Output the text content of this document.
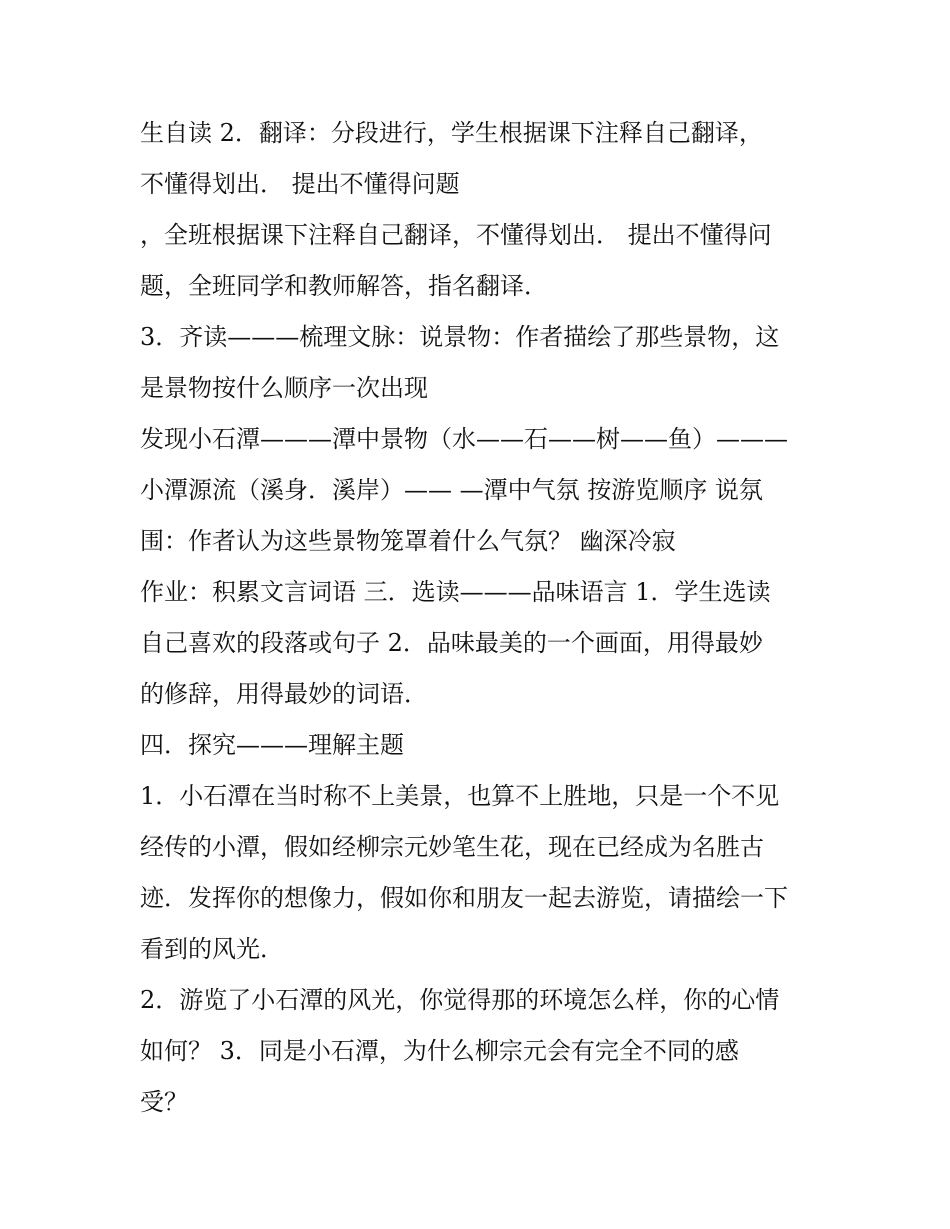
生自读 2．翻译：分段进行，学生根据课下注释自己翻译，
不懂得划出． 提出不懂得问题
，全班根据课下注释自己翻译，不懂得划出． 提出不懂得问
题，全班同学和教师解答，指名翻译．
3．齐读———梳理文脉：说景物：作者描绘了那些景物，这
是景物按什么顺序一次出现
发现小石潭———潭中景物（水——石——树——鱼）———
小潭源流（溪身．溪岸）—— —潭中气氛 按游览顺序 说氛
围：作者认为这些景物笼罩着什么气氛？ 幽深冷寂
作业：积累文言词语 三．选读———品味语言 1．学生选读
自己喜欢的段落或句子 2．品味最美的一个画面，用得最妙
的修辞，用得最妙的词语．
四．探究———理解主题
1．小石潭在当时称不上美景，也算不上胜地，只是一个不见
经传的小潭，假如经柳宗元妙笔生花，现在已经成为名胜古
迹．发挥你的想像力，假如你和朋友一起去游览，请描绘一下
看到的风光．
2．游览了小石潭的风光，你觉得那的环境怎么样，你的心情
如何？ 3．同是小石潭，为什么柳宗元会有完全不同的感
受？
